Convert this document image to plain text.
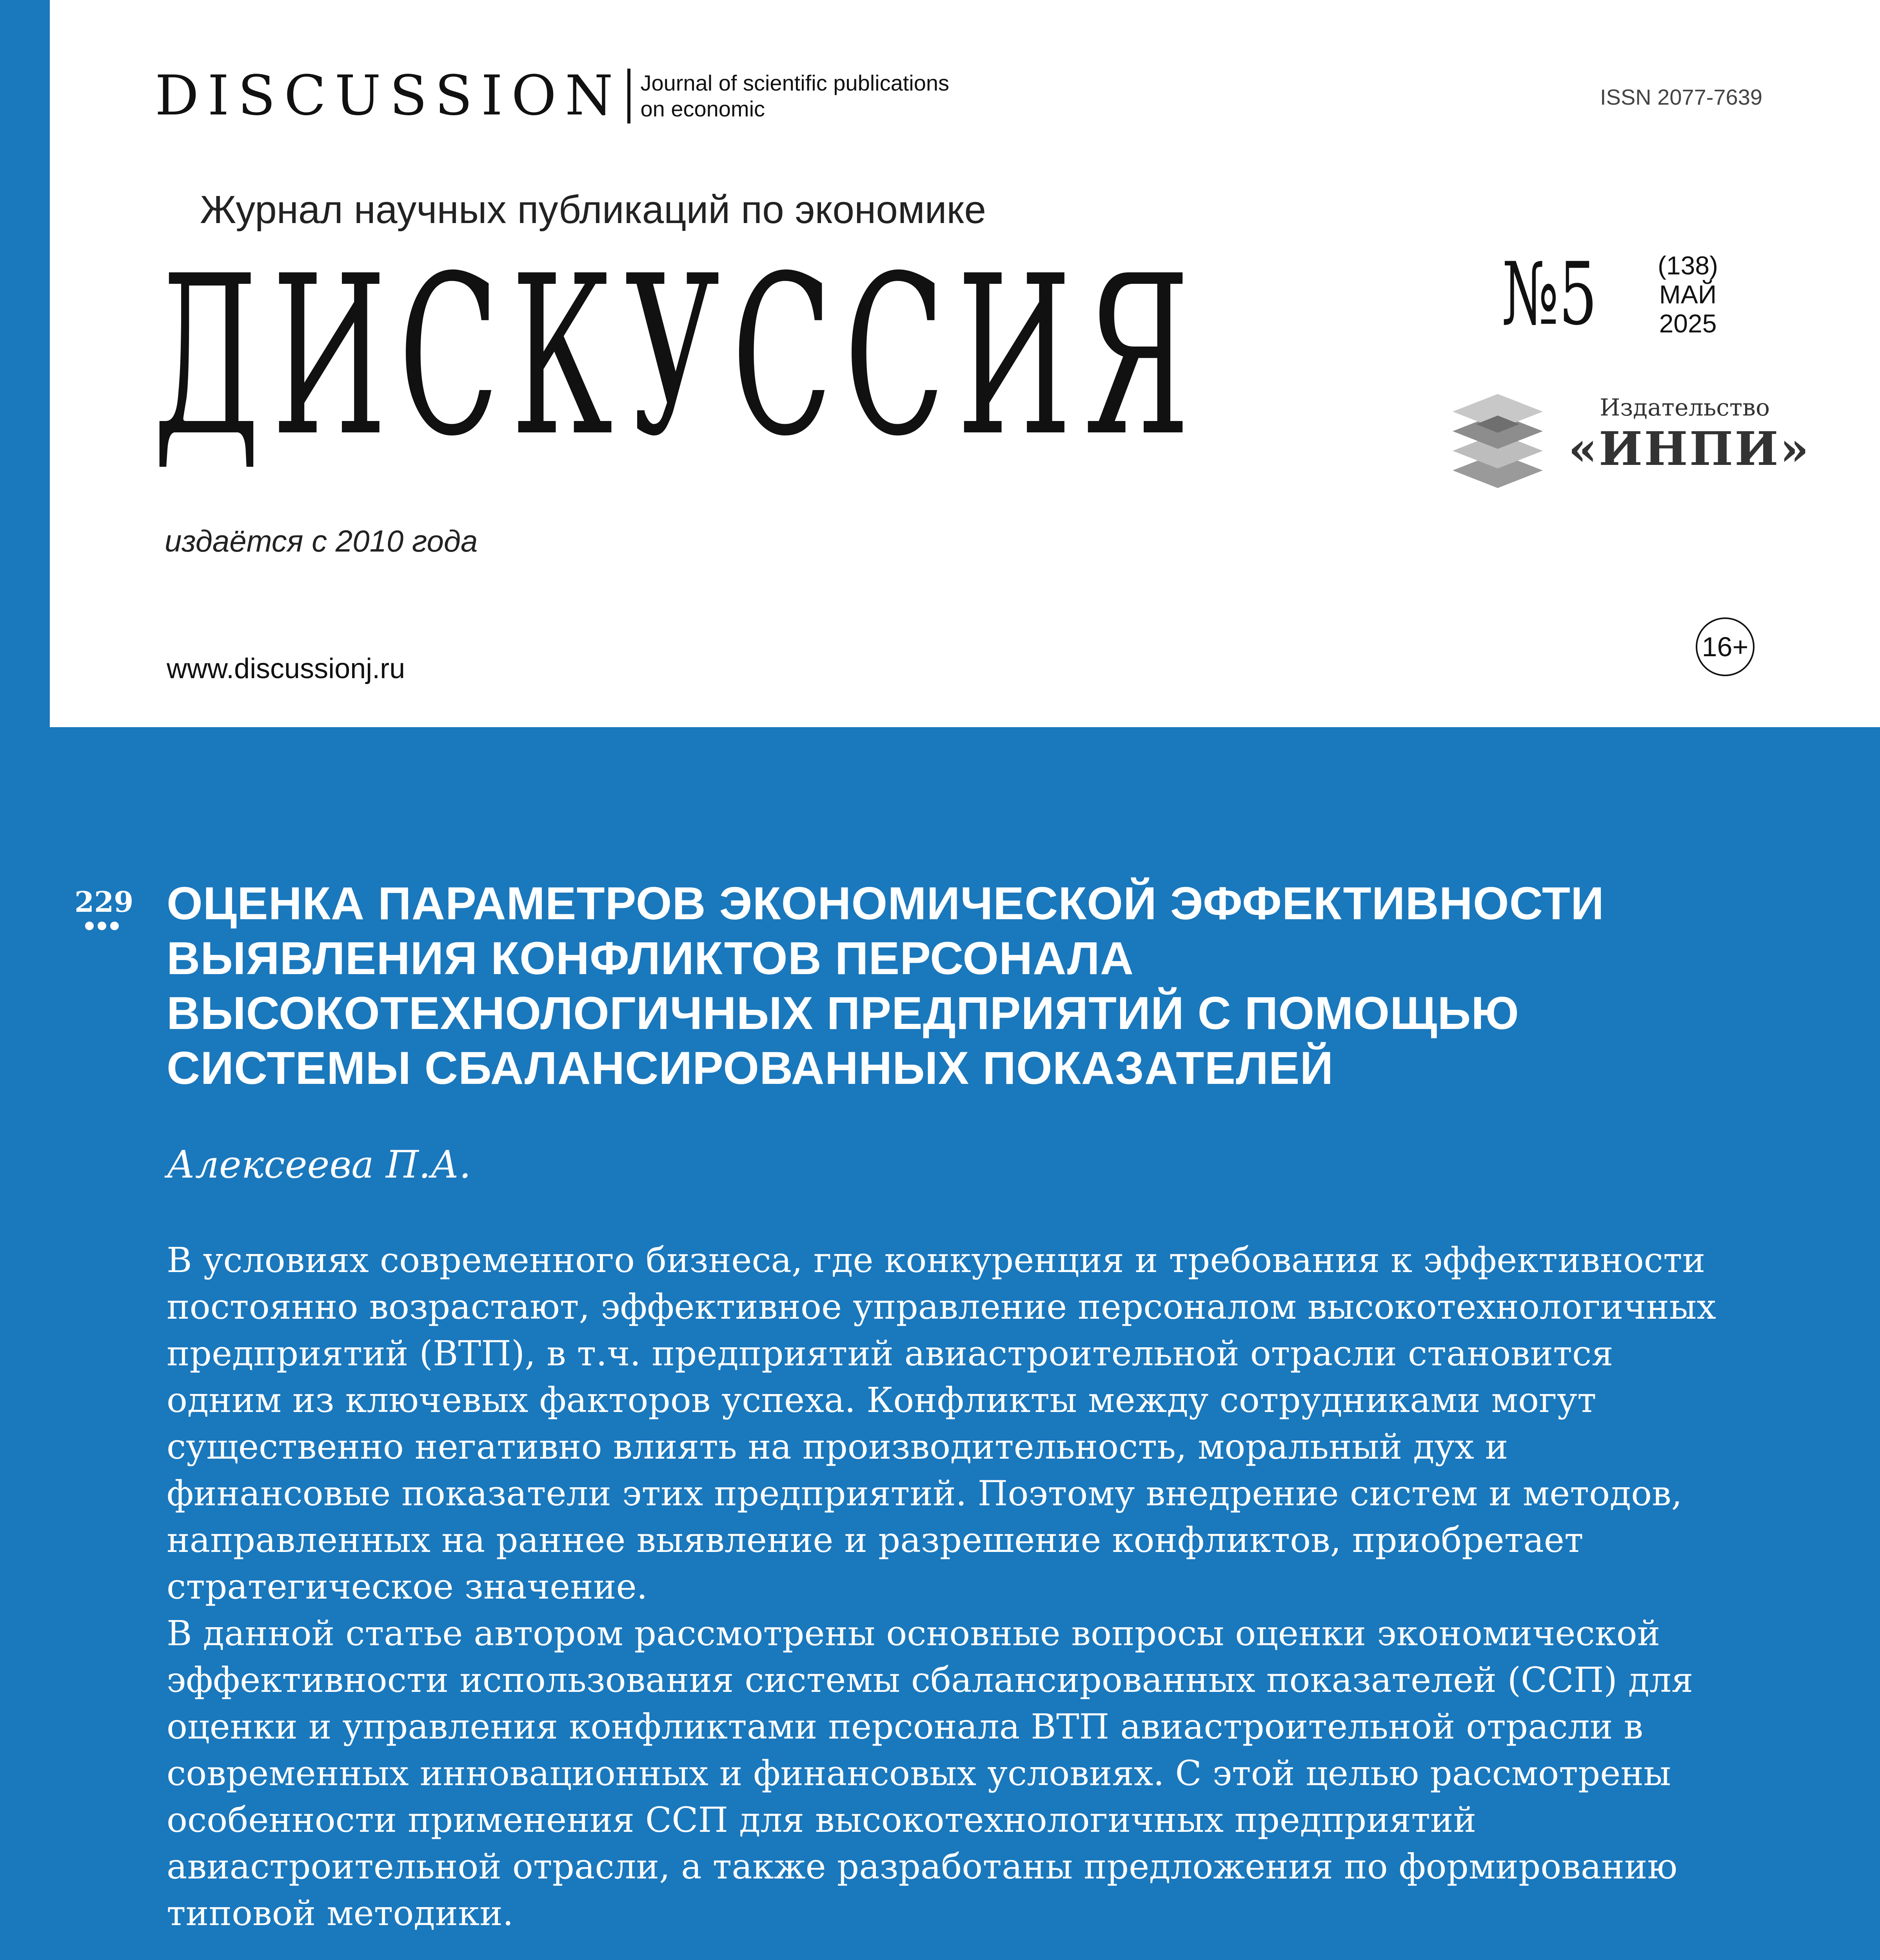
DISCUSSION Journal of scientific publications
on economic	ISSN 2077-7639
Журнал научных публикаций по экономике
ДИСКУССИЯ	№5	(138)
МАЙ
2025
Издательство
«ИНПИ»
издаётся с 2010 года
www.discussionj.ru
16+
229 ОЦЕНКА ПАРАМЕТРОВ ЭКОНОМИЧЕСКОЙ ЭФФЕКТИВНОСТИ ВЫЯВЛЕНИЯ КОНФЛИКТОВ ПЕРСОНАЛА ВЫСОКОТЕХНОЛОГИЧНЫХ ПРЕДПРИЯТИЙ С ПОМОЩЬЮ СИСТЕМЫ СБАЛАНСИРОВАННЫХ ПОКАЗАТЕЛЕЙ
Алексеева П.А.

В условиях современного бизнеса, где конкуренция и требования к эффективности постоянно возрастают, эффективное управление персоналом высокотехнологичных предприятий (ВТП), в т.ч. предприятий авиастроительной отрасли становится одним из ключевых факторов успеха. Конфликты между сотрудниками могут существенно негативно влиять на производительность, моральный дух и финансовые показатели этих предприятий. Поэтому внедрение систем и методов, направленных на раннее выявление и разрешение конфликтов, приобретает стратегическое значение.

В данной статье автором рассмотрены основные вопросы оценки экономической эффективности использования системы сбалансированных показателей (ССП) для оценки и управления конфликтами персонала ВТП авиастроительной отрасли в современных инновационных и финансовых условиях. С этой целью рассмотрены особенности применения ССП для высокотехнологичных предприятий авиастроительной отрасли, а также разработаны предложения по формированию типовой методики.
